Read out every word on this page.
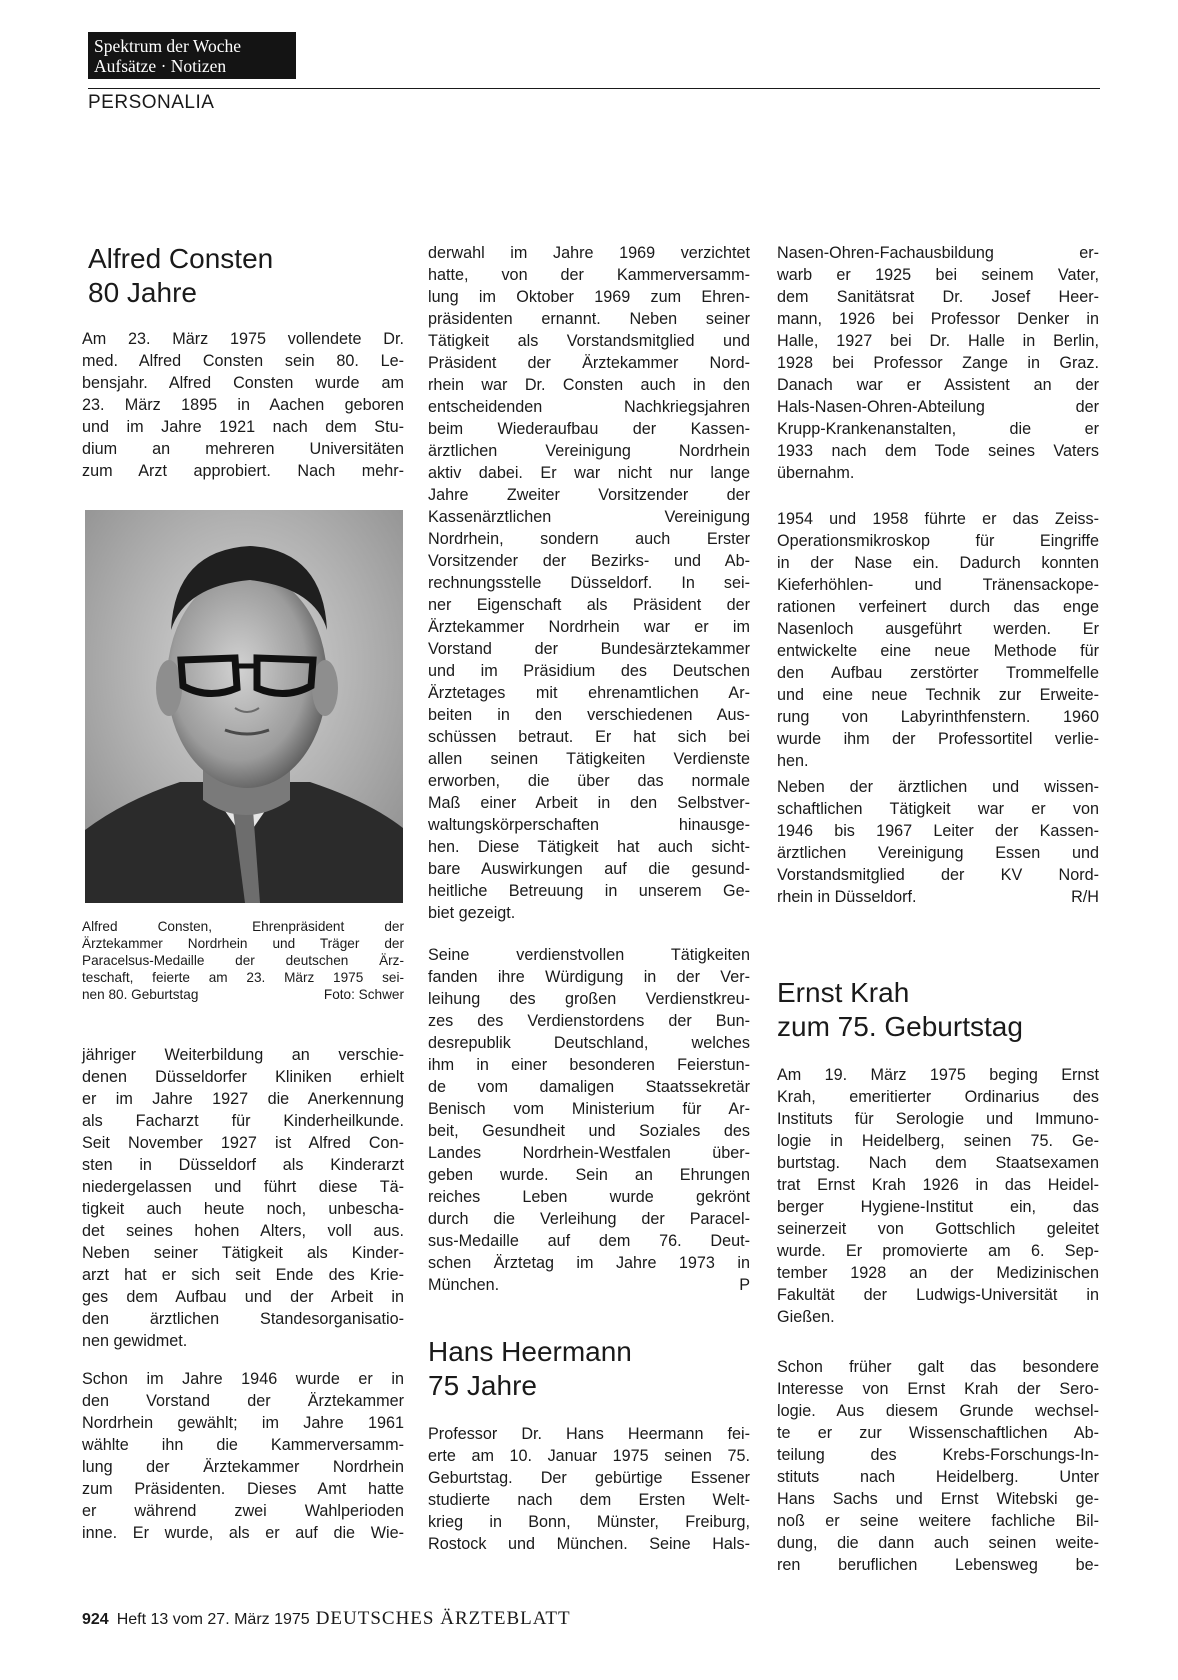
Spektrum der Woche
Aufsätze · Notizen
PERSONALIA
Alfred Consten
80 Jahre
Am 23. März 1975 vollendete Dr.
med. Alfred Consten sein 80. Le-
bensjahr. Alfred Consten wurde am
23. März 1895 in Aachen geboren
und im Jahre 1921 nach dem Stu-
dium an mehreren Universitäten
zum Arzt approbiert. Nach mehr-
Alfred Consten, Ehrenpräsident der
Ärztekammer Nordrhein und Träger der
Paracelsus-Medaille der deutschen Ärz-
teschaft, feierte am 23. März 1975 sei-
nen 80. Geburtstag	Foto: Schwer
jähriger Weiterbildung an verschie-
denen Düsseldorfer Kliniken erhielt
er im Jahre 1927 die Anerkennung
als Facharzt für Kinderheilkunde.
Seit November 1927 ist Alfred Con-
sten in Düsseldorf als Kinderarzt
niedergelassen und führt diese Tä-
tigkeit auch heute noch, unbescha-
det seines hohen Alters, voll aus.
Neben seiner Tätigkeit als Kinder-
arzt hat er sich seit Ende des Krie-
ges dem Aufbau und der Arbeit in
den ärztlichen Standesorganisatio-
nen gewidmet.
Schon im Jahre 1946 wurde er in
den Vorstand der Ärztekammer
Nordrhein gewählt; im Jahre 1961
wählte ihn die Kammerversamm-
lung der Ärztekammer Nordrhein
zum Präsidenten. Dieses Amt hatte
er während zwei Wahlperioden
inne. Er wurde, als er auf die Wie-
derwahl im Jahre 1969 verzichtet
hatte, von der Kammerversamm-
lung im Oktober 1969 zum Ehren-
präsidenten ernannt. Neben seiner
Tätigkeit als Vorstandsmitglied und
Präsident der Ärztekammer Nord-
rhein war Dr. Consten auch in den
entscheidenden Nachkriegsjahren
beim Wiederaufbau der Kassen-
ärztlichen Vereinigung Nordrhein
aktiv dabei. Er war nicht nur lange
Jahre Zweiter Vorsitzender der
Kassenärztlichen Vereinigung
Nordrhein, sondern auch Erster
Vorsitzender der Bezirks- und Ab-
rechnungsstelle Düsseldorf. In sei-
ner Eigenschaft als Präsident der
Ärztekammer Nordrhein war er im
Vorstand der Bundesärztekammer
und im Präsidium des Deutschen
Ärztetages mit ehrenamtlichen Ar-
beiten in den verschiedenen Aus-
schüssen betraut. Er hat sich bei
allen seinen Tätigkeiten Verdienste
erworben, die über das normale
Maß einer Arbeit in den Selbstver-
waltungskörperschaften hinausge-
hen. Diese Tätigkeit hat auch sicht-
bare Auswirkungen auf die gesund-
heitliche Betreuung in unserem Ge-
biet gezeigt.
Seine verdienstvollen Tätigkeiten
fanden ihre Würdigung in der Ver-
leihung des großen Verdienstkreu-
zes des Verdienstordens der Bun-
desrepublik Deutschland, welches
ihm in einer besonderen Feierstun-
de vom damaligen Staatssekretär
Benisch vom Ministerium für Ar-
beit, Gesundheit und Soziales des
Landes Nordrhein-Westfalen über-
geben wurde. Sein an Ehrungen
reiches Leben wurde gekrönt
durch die Verleihung der Paracel-
sus-Medaille auf dem 76. Deut-
schen Ärztetag im Jahre 1973 in
München.	P
Hans Heermann
75 Jahre
Professor Dr. Hans Heermann fei-
erte am 10. Januar 1975 seinen 75.
Geburtstag. Der gebürtige Essener
studierte nach dem Ersten Welt-
krieg in Bonn, Münster, Freiburg,
Rostock und München. Seine Hals-
Nasen-Ohren-Fachausbildung er-
warb er 1925 bei seinem Vater,
dem Sanitätsrat Dr. Josef Heer-
mann, 1926 bei Professor Denker in
Halle, 1927 bei Dr. Halle in Berlin,
1928 bei Professor Zange in Graz.
Danach war er Assistent an der
Hals-Nasen-Ohren-Abteilung der
Krupp-Krankenanstalten, die er
1933 nach dem Tode seines Vaters
übernahm.
1954 und 1958 führte er das Zeiss-
Operationsmikroskop für Eingriffe
in der Nase ein. Dadurch konnten
Kieferhöhlen- und Tränensackope-
rationen verfeinert durch das enge
Nasenloch ausgeführt werden. Er
entwickelte eine neue Methode für
den Aufbau zerstörter Trommelfelle
und eine neue Technik zur Erweite-
rung von Labyrinthfenstern. 1960
wurde ihm der Professortitel verlie-
hen.
Neben der ärztlichen und wissen-
schaftlichen Tätigkeit war er von
1946 bis 1967 Leiter der Kassen-
ärztlichen Vereinigung Essen und
Vorstandsmitglied der KV Nord-
rhein in Düsseldorf.	R/H
Ernst Krah
zum 75. Geburtstag
Am 19. März 1975 beging Ernst
Krah, emeritierter Ordinarius des
Instituts für Serologie und Immuno-
logie in Heidelberg, seinen 75. Ge-
burtstag. Nach dem Staatsexamen
trat Ernst Krah 1926 in das Heidel-
berger Hygiene-Institut ein, das
seinerzeit von Gottschlich geleitet
wurde. Er promovierte am 6. Sep-
tember 1928 an der Medizinischen
Fakultät der Ludwigs-Universität in
Gießen.
Schon früher galt das besondere
Interesse von Ernst Krah der Sero-
logie. Aus diesem Grunde wechsel-
te er zur Wissenschaftlichen Ab-
teilung des Krebs-Forschungs-In-
stituts nach Heidelberg. Unter
Hans Sachs und Ernst Witebski ge-
noß er seine weitere fachliche Bil-
dung, die dann auch seinen weite-
ren beruflichen Lebensweg be-
924 Heft 13 vom 27. März 1975 DEUTSCHES ÄRZTEBLATT
